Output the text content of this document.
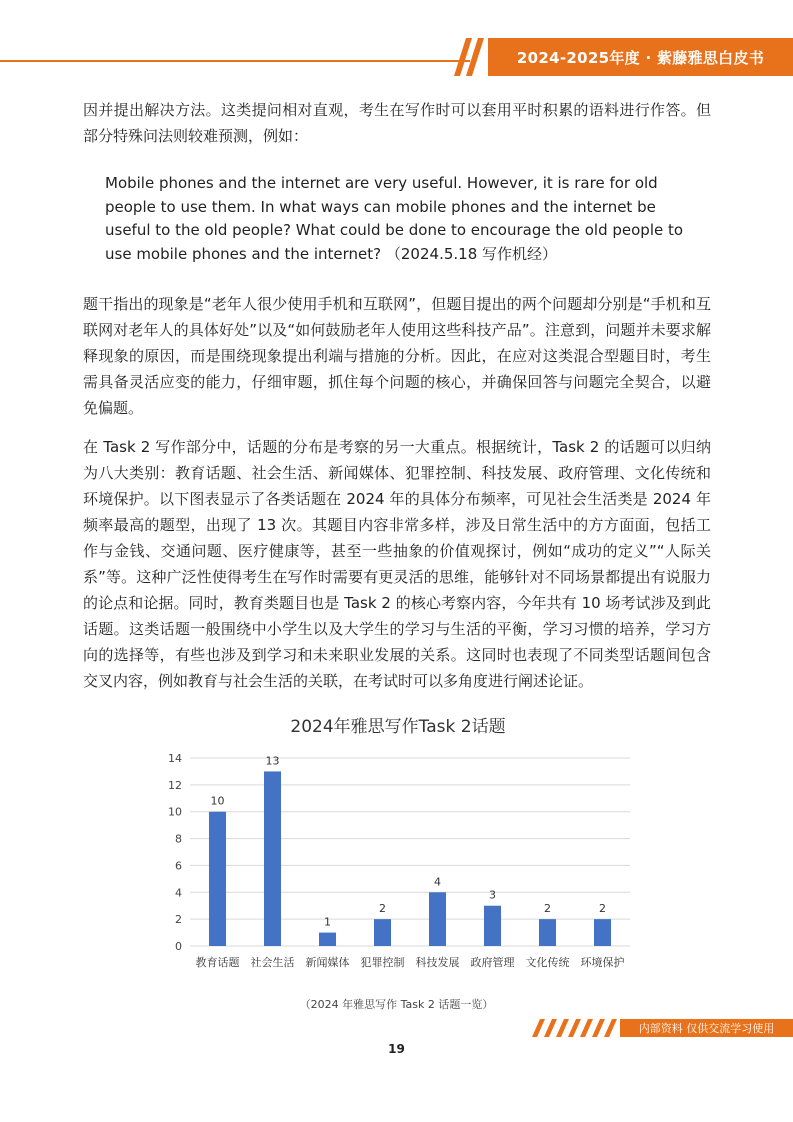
2024-2025年度 · 紫藤雅思白皮书

因并提出解决方法。这类提问相对直观，考生在写作时可以套用平时积累的语料进行作答。但部分特殊问法则较难预测，例如：

Mobile phones and the internet are very useful. However, it is rare for old people to use them. In what ways can mobile phones and the internet be useful to the old people? What could be done to encourage the old people to use mobile phones and the internet? （2024.5.18 写作机经）

题干指出的现象是“老年人很少使用手机和互联网”，但题目提出的两个问题却分别是“手机和互联网对老年人的具体好处”以及“如何鼓励老年人使用这些科技产品”。注意到，问题并未要求解释现象的原因，而是围绕现象提出利端与措施的分析。因此，在应对这类混合型题目时，考生需具备灵活应变的能力，仔细审题，抓住每个问题的核心，并确保回答与问题完全契合，以避免偏题。

在 Task 2 写作部分中，话题的分布是考察的另一大重点。根据统计，Task 2 的话题可以归纳为八大类别：教育话题、社会生活、新闻媒体、犯罪控制、科技发展、政府管理、文化传统和环境保护。以下图表显示了各类话题在 2024 年的具体分布频率，可见社会生活类是 2024 年频率最高的题型，出现了 13 次。其题目内容非常多样，涉及日常生活中的方方面面，包括工作与金钱、交通问题、医疗健康等，甚至一些抽象的价值观探讨，例如“成功的定义”“人际关系”等。这种广泛性使得考生在写作时需要有更灵活的思维，能够针对不同场景都提出有说服力的论点和论据。同时，教育类题目也是 Task 2 的核心考察内容，今年共有 10 场考试涉及到此话题。这类话题一般围绕中小学生以及大学生的学习与生活的平衡，学习习惯的培养，学习方向的选择等，有些也涉及到学习和未来职业发展的关系。这同时也表现了不同类型话题间包含交叉内容，例如教育与社会生活的关联，在考试时可以多角度进行阐述论证。

2024年雅思写作Task 2话题
0
2
4
6
8
10
12
14
10
13
1
2
4
3
2	2
教育话题 社会生活 新闻媒体 犯罪控制 科技发展 政府管理 文化传统 环境保护
（2024 年雅思写作 Task 2 话题一览）
内部资料 仅供交流学习使用
19
